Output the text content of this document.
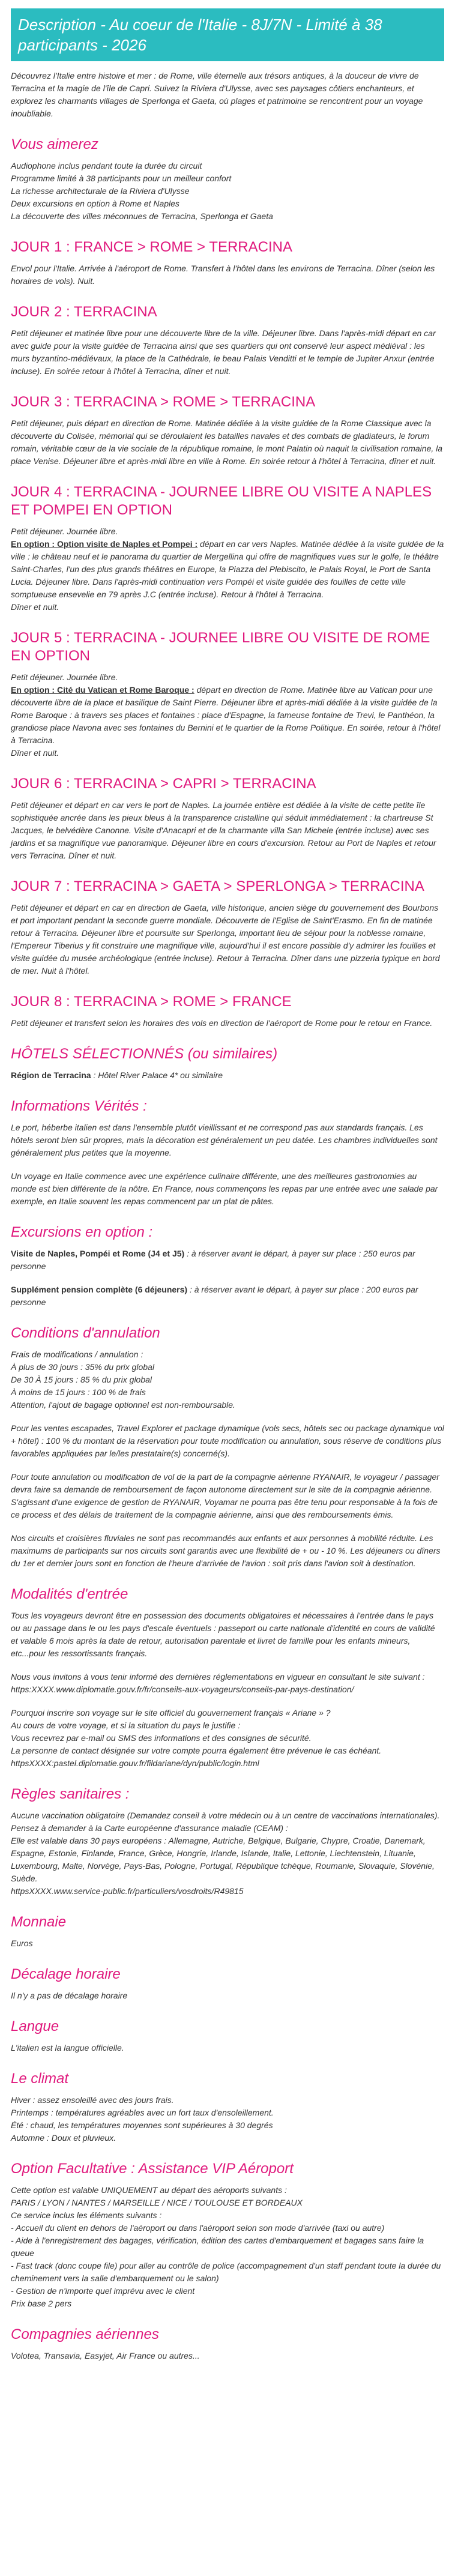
Description - Au coeur de l'Italie - 8J/7N - Limité à 38 participants - 2026

Découvrez l'Italie entre histoire et mer : de Rome, ville éternelle aux trésors antiques, à la douceur de vivre de Terracina et la magie de l'île de Capri. Suivez la Riviera d'Ulysse, avec ses paysages côtiers enchanteurs, et explorez les charmants villages de Sperlonga et Gaeta, où plages et patrimoine se rencontrent pour un voyage inoubliable.

Vous aimerez
Audiophone inclus pendant toute la durée du circuit
Programme limité à 38 participants pour un meilleur confort
La richesse architecturale de la Riviera d'Ulysse
Deux excursions en option à Rome et Naples
La découverte des villes méconnues de Terracina, Sperlonga et Gaeta
JOUR 1 : FRANCE > ROME > TERRACINA

Envol pour l'Italie. Arrivée à l'aéroport de Rome. Transfert à l'hôtel dans les environs de Terracina. Dîner (selon les horaires de vols). Nuit.

JOUR 2 : TERRACINA

Petit déjeuner et matinée libre pour une découverte libre de la ville. Déjeuner libre. Dans l'après-midi départ en car avec guide pour la visite guidée de Terracina ainsi que ses quartiers qui ont conservé leur aspect médiéval : les murs byzantino-médiévaux, la place de la Cathédrale, le beau Palais Venditti et le temple de Jupiter Anxur (entrée incluse). En soirée retour à l'hôtel à Terracina, dîner et nuit.

JOUR 3 : TERRACINA > ROME > TERRACINA

Petit déjeuner, puis départ en direction de Rome. Matinée dédiée à la visite guidée de la Rome Classique avec la découverte du Colisée, mémorial qui se déroulaient les batailles navales et des combats de gladiateurs, le forum romain, véritable cœur de la vie sociale de la république romaine, le mont Palatin où naquit la civilisation romaine, la place Venise. Déjeuner libre et après-midi libre en ville à Rome. En soirée retour à l'hôtel à Terracina, dîner et nuit.

JOUR 4 : TERRACINA - JOURNEE LIBRE OU VISITE A NAPLES ET POMPEI EN OPTION

Petit déjeuner. Journée libre.

En option : Option visite de Naples et Pompei : départ en car vers Naples. Matinée dédiée à la visite guidée de la ville : le château neuf et le panorama du quartier de Mergellina qui offre de magnifiques vues sur le golfe, le théâtre Saint-Charles, l'un des plus grands théâtres en Europe, la Piazza del Plebiscito, le Palais Royal, le Port de Santa Lucia. Déjeuner libre. Dans l'après-midi continuation vers Pompéi et visite guidée des fouilles de cette ville somptueuse ensevelie en 79 après J.C (entrée incluse). Retour à l'hôtel à Terracina.

Dîner et nuit.

JOUR 5 : TERRACINA - JOURNEE LIBRE OU VISITE DE ROME EN OPTION

Petit déjeuner. Journée libre.

En option : Cité du Vatican et Rome Baroque : départ en direction de Rome. Matinée libre au Vatican pour une découverte libre de la place et basilique de Saint Pierre. Déjeuner libre et après-midi dédiée à la visite guidée de la Rome Baroque : à travers ses places et fontaines : place d'Espagne, la fameuse fontaine de Trevi, le Panthéon, la grandiose place Navona avec ses fontaines du Bernini et le quartier de la Rome Politique. En soirée, retour à l'hôtel à Terracina.

Dîner et nuit.

JOUR 6 : TERRACINA > CAPRI > TERRACINA

Petit déjeuner et départ en car vers le port de Naples. La journée entière est dédiée à la visite de cette petite île sophistiquée ancrée dans les pieux bleus à la transparence cristalline qui séduit immédiatement : la chartreuse St Jacques, le belvédère Canonne. Visite d'Anacapri et de la charmante villa San Michele (entrée incluse) avec ses jardins et sa magnifique vue panoramique. Déjeuner libre en cours d'excursion. Retour au Port de Naples et retour vers Terracina. Dîner et nuit.

JOUR 7 : TERRACINA > GAETA > SPERLONGA > TERRACINA

Petit déjeuner et départ en car en direction de Gaeta, ville historique, ancien siège du gouvernement des Bourbons et port important pendant la seconde guerre mondiale. Découverte de l'Eglise de Saint'Erasmo. En fin de matinée retour à Terracina. Déjeuner libre et poursuite sur Sperlonga, important lieu de séjour pour la noblesse romaine, l'Empereur Tiberius y fit construire une magnifique ville, aujourd'hui il est encore possible d'y admirer les fouilles et visite guidée du musée archéologique (entrée incluse). Retour à Terracina. Dîner dans une pizzeria typique en bord de mer. Nuit à l'hôtel.

JOUR 8 : TERRACINA > ROME > FRANCE

Petit déjeuner et transfert selon les horaires des vols en direction de l'aéroport de Rome pour le retour en France.

HÔTELS SÉLECTIONNÉS (ou similaires)

Région de Terracina : Hôtel River Palace 4* ou similaire

Informations Vérités :

Le port, héberbe italien est dans l'ensemble plutôt vieillissant et ne correspond pas aux standards français. Les hôtels seront bien sûr propres, mais la décoration est généralement un peu datée. Les chambres individuelles sont généralement plus petites que la moyenne.

Un voyage en Italie commence avec une expérience culinaire différente, une des meilleures gastronomies au monde est bien différente de la nôtre. En France, nous commençons les repas par une entrée avec une salade par exemple, en Italie souvent les repas commencent par un plat de pâtes.

Excursions en option :

Visite de Naples, Pompéi et Rome (J4 et J5) : à réserver avant le départ, à payer sur place : 250 euros par personne

Supplément pension complète (6 déjeuners) : à réserver avant le départ, à payer sur place : 200 euros par personne

Conditions d'annulation
Frais de modifications / annulation :
À plus de 30 jours : 35% du prix global
De 30 À 15 jours : 85 % du prix global
À moins de 15 jours : 100 % de frais
Attention, l'ajout de bagage optionnel est non-remboursable.

Pour les ventes escapades, Travel Explorer et package dynamique (vols secs, hôtels sec ou package dynamique vol + hôtel) : 100 % du montant de la réservation pour toute modification ou annulation, sous réserve de conditions plus favorables appliquées par le/les prestataire(s) concerné(s).

Pour toute annulation ou modification de vol de la part de la compagnie aérienne RYANAIR, le voyageur / passager devra faire sa demande de remboursement de façon autonome directement sur le site de la compagnie aérienne. S'agissant d'une exigence de gestion de RYANAIR, Voyamar ne pourra pas être tenu pour responsable à la fois de ce process et des délais de traitement de la compagnie aérienne, ainsi que des remboursements émis.

Nos circuits et croisières fluviales ne sont pas recommandés aux enfants et aux personnes à mobilité réduite. Les maximums de participants sur nos circuits sont garantis avec une flexibilité de + ou - 10 %. Les déjeuners ou dîners du 1er et dernier jours sont en fonction de l'heure d'arrivée de l'avion : soit pris dans l'avion soit à destination.

Modalités d'entrée

Tous les voyageurs devront être en possession des documents obligatoires et nécessaires à l'entrée dans le pays ou au passage dans le ou les pays d'escale éventuels : passeport ou carte nationale d'identité en cours de validité et valable 6 mois après la date de retour, autorisation parentale et livret de famille pour les enfants mineurs, etc...pour les ressortissants français.

Nous vous invitons à vous tenir informé des dernières réglementations en vigueur en consultant le site suivant : https:XXXX.www.diplomatie.gouv.fr/fr/conseils-aux-voyageurs/conseils-par-pays-destination/

Pourquoi inscrire son voyage sur le site officiel du gouvernement français « Ariane » ?
Au cours de votre voyage, et si la situation du pays le justifie :
Vous recevrez par e-mail ou SMS des informations et des consignes de sécurité.
La personne de contact désignée sur votre compte pourra également être prévenue le cas échéant.
httpsXXXX:pastel.diplomatie.gouv.fr/fildariane/dyn/public/login.html

Règles sanitaires :

Aucune vaccination obligatoire (Demandez conseil à votre médecin ou à un centre de vaccinations internationales). Pensez à demander à la Carte européenne d'assurance maladie (CEAM) :
Elle est valable dans 30 pays européens : Allemagne, Autriche, Belgique, Bulgarie, Chypre, Croatie, Danemark, Espagne, Estonie, Finlande, France, Grèce, Hongrie, Irlande, Islande, Italie, Lettonie, Liechtenstein, Lituanie, Luxembourg, Malte, Norvège, Pays-Bas, Pologne, Portugal, République tchèque, Roumanie, Slovaquie, Slovénie, Suède.
httpsXXXX.www.service-public.fr/particuliers/vosdroits/R49815

Monnaie

Euros

Décalage horaire

Il n'y a pas de décalage horaire

Langue

L'italien est la langue officielle.

Le climat
Hiver : assez ensoleillé avec des jours frais.
Printemps : températures agréables avec un fort taux d'ensoleillement.
Été : chaud, les températures moyennes sont supérieures à 30 degrés
Automne : Doux et pluvieux.
Option Facultative : Assistance VIP Aéroport
Cette option est valable UNIQUEMENT au départ des aéroports suivants :
PARIS / LYON / NANTES / MARSEILLE / NICE / TOULOUSE ET BORDEAUX
Ce service inclus les éléments suivants :
- Accueil du client en dehors de l'aéroport ou dans l'aéroport selon son mode d'arrivée (taxi ou autre)
- Aide à l'enregistrement des bagages, vérification, édition des cartes d'embarquement et bagages sans faire la queue
- Fast track (donc coupe file) pour aller au contrôle de police (accompagnement d'un staff pendant toute la durée du cheminement vers la salle d'embarquement ou le salon)
- Gestion de n'importe quel imprévu avec le client
Prix base 2 pers
Compagnies aériennes

Volotea, Transavia, Easyjet, Air France ou autres...
